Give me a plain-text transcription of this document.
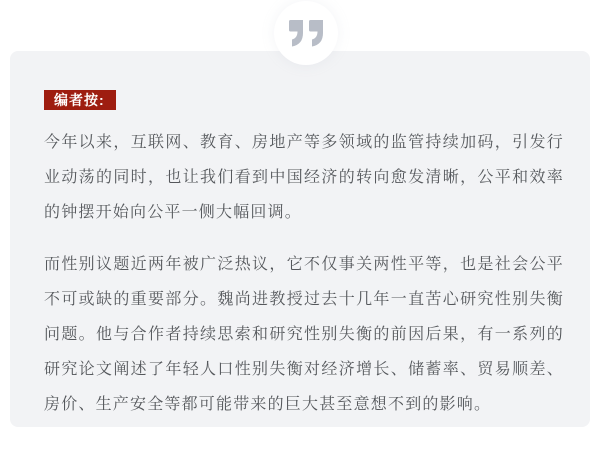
编者按:

今年以来，互联网、教育、房地产等多领域的监管持续加码，引发行业动荡的同时，也让我们看到中国经济的转向愈发清晰，公平和效率的钟摆开始向公平一侧大幅回调。

而性别议题近两年被广泛热议，它不仅事关两性平等，也是社会公平不可或缺的重要部分。魏尚进教授过去十几年一直苦心研究性别失衡问题。他与合作者持续思索和研究性别失衡的前因后果，有一系列的研究论文阐述了年轻人口性别失衡对经济增长、储蓄率、贸易顺差、房价、生产安全等都可能带来的巨大甚至意想不到的影响。
